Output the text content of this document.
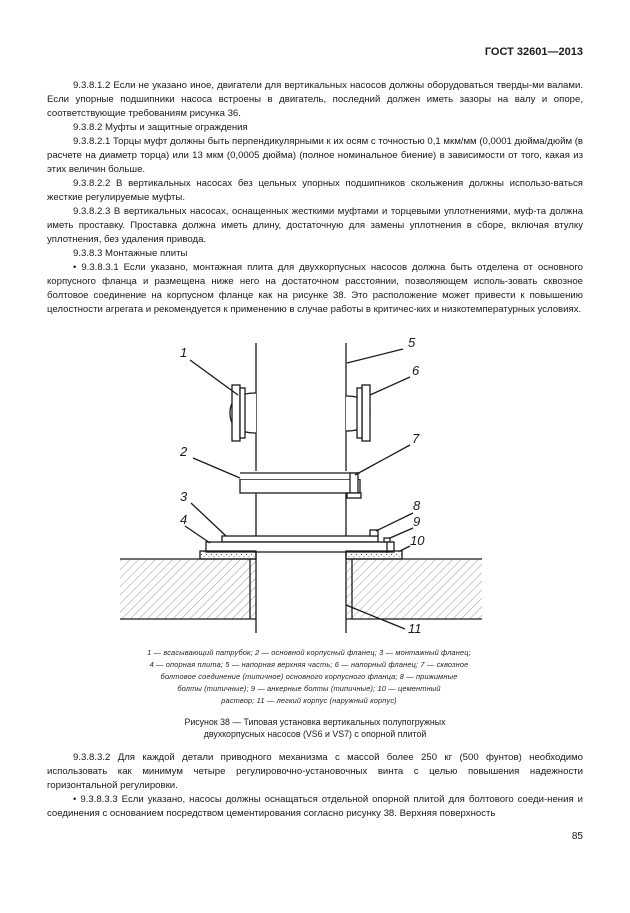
ГОСТ 32601—2013

9.3.8.1.2 Если не указано иное, двигатели для вертикальных насосов должны оборудоваться тверды-ми валами. Если упорные подшипники насоса встроены в двигатель, последний должен иметь зазоры на валу и опоре, соответствующие требованиям рисунка 36.

9.3.8.2 Муфты и защитные ограждения

9.3.8.2.1 Торцы муфт должны быть перпендикулярными к их осям с точностью 0,1 мкм/мм (0,0001 дюйма/дюйм (в расчете на диаметр торца) или 13 мкм (0,0005 дюйма) (полное номинальное биение) в зависимости от того, какая из этих величин больше.

9.3.8.2.2 В вертикальных насосах без цельных упорных подшипников скольжения должны использо-ваться жесткие регулируемые муфты.

9.3.8.2.3 В вертикальных насосах, оснащенных жесткими муфтами и торцевыми уплотнениями, муф-та должна иметь проставку. Проставка должна иметь длину, достаточную для замены уплотнения в сборе, включая втулку уплотнения, без удаления привода.

9.3.8.3 Монтажные плиты

• 9.3.8.3.1 Если указано, монтажная плита для двухкорпусных насосов должна быть отделена от основного корпусного фланца и размещена ниже него на достаточном расстоянии, позволяющем исполь-зовать сквозное болтовое соединение на корпусном фланце как на рисунке 38. Это расположение может привести к повышению целостности агрегата и рекомендуется к применению в случае работы в критичес-ких и низкотемпературных условиях.

1
2
3
4
5
6
7
8
9
10
11
1 — всасывающий патрубок; 2 — основной корпусный фланец; 3 — монтажный фланец;
4 — опорная плита; 5 — напорная верхняя часть; 6 — напорный фланец; 7 — сквозное
болтовое соединение (типичное) основного корпусного фланца; 8 — прижимные
болты (типичные); 9 — анкерные болты (типичные); 10 — цементный
раствор; 11 — легкий корпус (наружный корпус)
Рисунок 38 — Типовая установка вертикальных полупогружных
двухкорпусных насосов (VS6 и VS7) с опорной плитой

9.3.8.3.2 Для каждой детали приводного механизма с массой более 250 кг (500 фунтов) необходимо использовать как минимум четыре регулировочно-установочных винта с целью повышения надежности горизонтальной регулировки.

• 9.3.8.3.3 Если указано, насосы должны оснащаться отдельной опорной плитой для болтового соеди-нения и соединения с основанием посредством цементирования согласно рисунку 38. Верхняя поверхность

85
